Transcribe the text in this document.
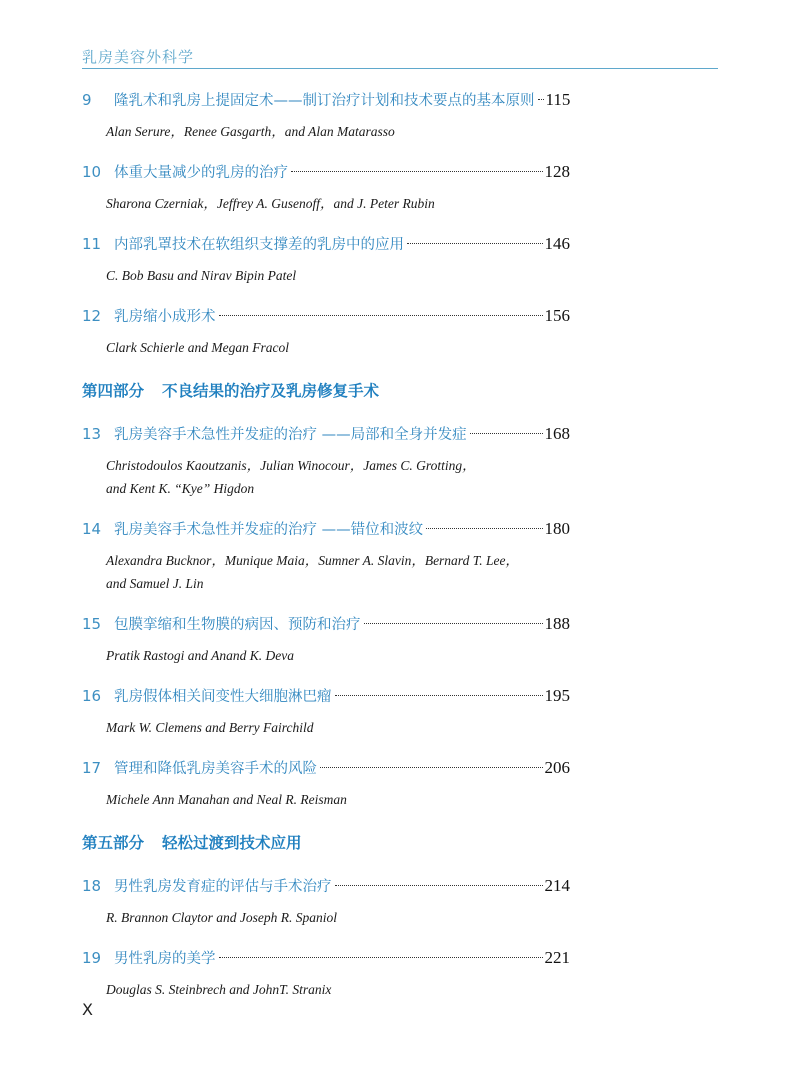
乳房美容外科学
9	隆乳术和乳房上提固定术——制订治疗计划和技术要点的基本原则 115
Alan Serure，Renee Gasgarth，and Alan Matarasso
10 体重大量减少的乳房的治疗	128
Sharona Czerniak，Jeffrey A. Gusenoff，and J. Peter Rubin
11 内部乳罩技术在软组织支撑差的乳房中的应用	146
C. Bob Basu and Nirav Bipin Patel
12 乳房缩小成形术	156
Clark Schierle and Megan Fracol
第四部分 不良结果的治疗及乳房修复手术
13 乳房美容手术急性并发症的治疗 ——局部和全身并发症	168
Christodoulos Kaoutzanis，Julian Winocour，James C. Grotting，
and Kent K. “Kye” Higdon
14 乳房美容手术急性并发症的治疗 ——错位和波纹	180
Alexandra Bucknor，Munique Maia，Sumner A. Slavin，Bernard T. Lee，
and Samuel J. Lin
15 包膜挛缩和生物膜的病因、预防和治疗	188
Pratik Rastogi and Anand K. Deva
16 乳房假体相关间变性大细胞淋巴瘤	195
Mark W. Clemens and Berry Fairchild
17 管理和降低乳房美容手术的风险	206
Michele Ann Manahan and Neal R. Reisman
第五部分 轻松过渡到技术应用
18 男性乳房发育症的评估与手术治疗	214
R. Brannon Claytor and Joseph R. Spaniol
19 男性乳房的美学	221
Douglas S. Steinbrech and JohnT. Stranix
X
